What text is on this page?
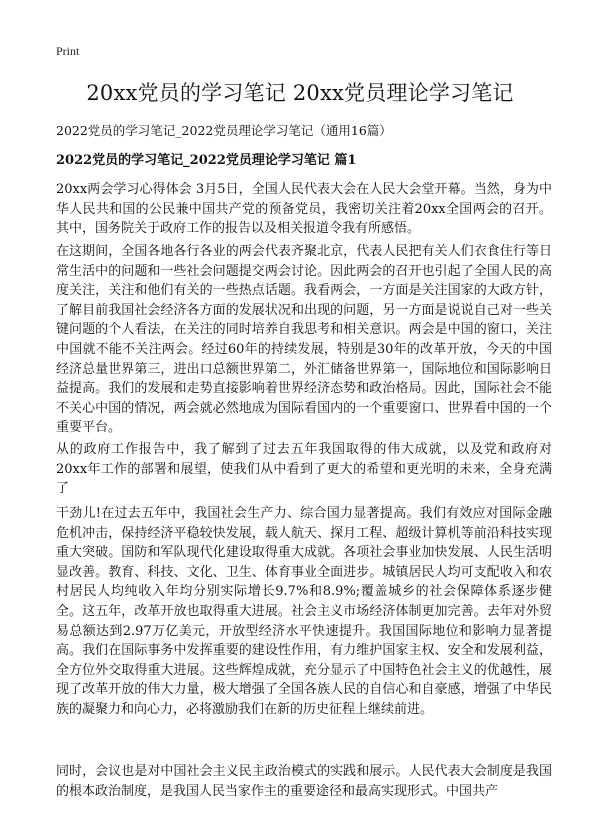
Print
20xx党员的学习笔记 20xx党员理论学习笔记
2022党员的学习笔记_2022党员理论学习笔记（通用16篇）
2022党员的学习笔记_2022党员理论学习笔记 篇1

20xx两会学习心得体会 3月5日，全国人民代表大会在人民大会堂开幕。当然，身为中华人民共和国的公民兼中国共产党的预备党员，我密切关注着20xx全国两会的召开。其中，国务院关于政府工作的报告以及相关报道令我有所感悟。

在这期间，全国各地各行各业的两会代表齐聚北京，代表人民把有关人们衣食住行等日常生活中的问题和一些社会问题提交两会讨论。因此两会的召开也引起了全国人民的高度关注，关注和他们有关的一些热点话题。我看两会，一方面是关注国家的大政方针，了解目前我国社会经济各方面的发展状况和出现的问题，另一方面是说说自己对一些关键问题的个人看法，在关注的同时培养自我思考和相关意识。两会是中国的窗口，关注中国就不能不关注两会。经过60年的持续发展，特别是30年的改革开放，今天的中国经济总量世界第三，进出口总额世界第二，外汇储备世界第一，国际地位和国际影响日益提高。我们的发展和走势直接影响着世界经济态势和政治格局。因此，国际社会不能不关心中国的情况，两会就必然地成为国际看国内的一个重要窗口、世界看中国的一个重要平台。

从的政府工作报告中，我了解到了过去五年我国取得的伟大成就，以及党和政府对20xx年工作的部署和展望，使我们从中看到了更大的希望和更光明的未来，全身充满了

干劲儿!在过去五年中，我国社会生产力、综合国力显著提高。我们有效应对国际金融危机冲击，保持经济平稳较快发展，载人航天、探月工程、超级计算机等前沿科技实现重大突破。国防和军队现代化建设取得重大成就。各项社会事业加快发展、人民生活明显改善。教育、科技、文化、卫生、体育事业全面进步。城镇居民人均可支配收入和农村居民人均纯收入年均分别实际增长9.7%和8.9%;覆盖城乡的社会保障体系逐步健全。这五年，改革开放也取得重大进展。社会主义市场经济体制更加完善。去年对外贸易总额达到2.97万亿美元，开放型经济水平快速提升。我国国际地位和影响力显著提高。我们在国际事务中发挥重要的建设性作用，有力维护国家主权、安全和发展利益，全方位外交取得重大进展。这些辉煌成就，充分显示了中国特色社会主义的优越性，展现了改革开放的伟大力量，极大增强了全国各族人民的自信心和自豪感，增强了中华民族的凝聚力和向心力，必将激励我们在新的历史征程上继续前进。

同时，会议也是对中国社会主义民主政治模式的实践和展示。人民代表大会制度是我国的根本政治制度，是我国人民当家作主的重要途径和最高实现形式。中国共产
